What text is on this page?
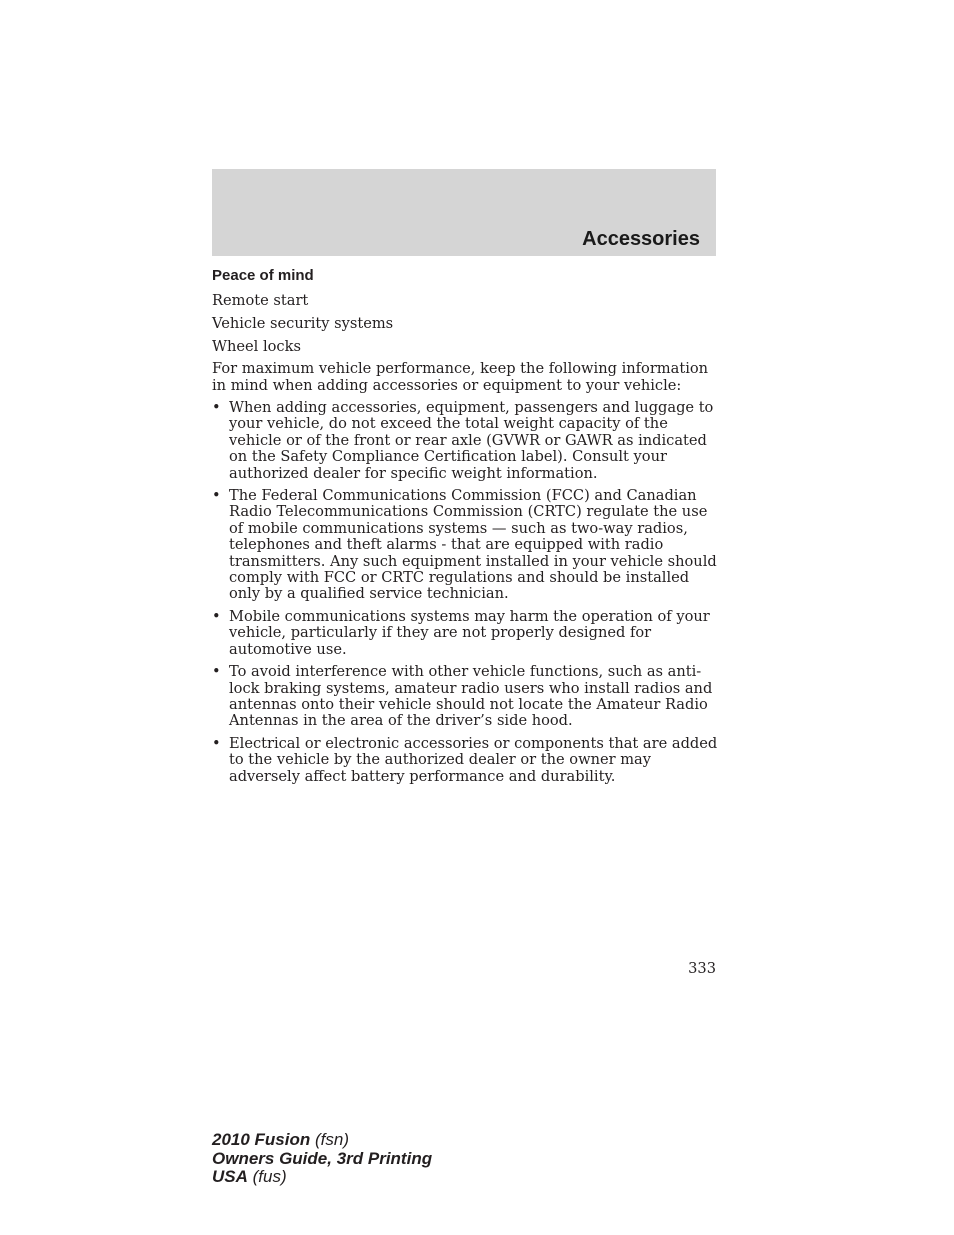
Accessories
Peace of mind

Remote start

Vehicle security systems

Wheel locks

For maximum vehicle performance, keep the following information in mind when adding accessories or equipment to your vehicle:

• When adding accessories, equipment, passengers and luggage to your vehicle, do not exceed the total weight capacity of the vehicle or of the front or rear axle (GVWR or GAWR as indicated on the Safety Compliance Certification label). Consult your authorized dealer for specific weight information.
• The Federal Communications Commission (FCC) and Canadian Radio Telecommunications Commission (CRTC) regulate the use of mobile communications systems — such as two-way radios, telephones and theft alarms - that are equipped with radio transmitters. Any such equipment installed in your vehicle should comply with FCC or CRTC regulations and should be installed only by a qualified service technician.
• Mobile communications systems may harm the operation of your vehicle, particularly if they are not properly designed for automotive use.
• To avoid interference with other vehicle functions, such as anti-lock braking systems, amateur radio users who install radios and antennas onto their vehicle should not locate the Amateur Radio Antennas in the area of the driver’s side hood.
• Electrical or electronic accessories or components that are added to the vehicle by the authorized dealer or the owner may adversely affect battery performance and durability.

333

2010 Fusion (fsn)
Owners Guide, 3rd Printing
USA (fus)
